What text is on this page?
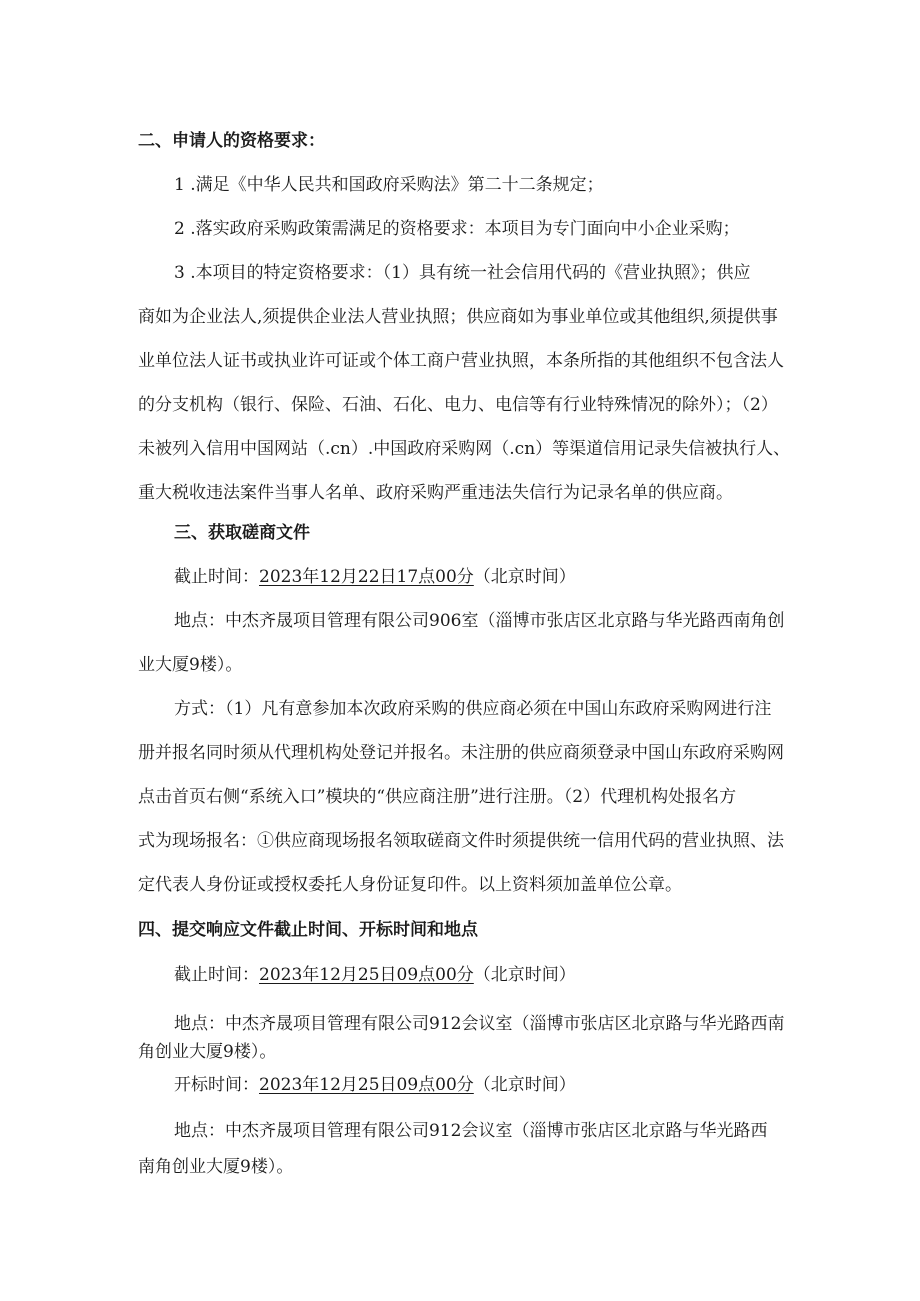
二、申请人的资格要求：
1 .满足《中华人民共和国政府采购法》第二十二条规定；
2 .落实政府采购政策需满足的资格要求：本项目为专门面向中小企业采购；
3 .本项目的特定资格要求：（1）具有统一社会信用代码的《营业执照》；供应
商如为企业法人,须提供企业法人营业执照；供应商如为事业单位或其他组织,须提供事
业单位法人证书或执业许可证或个体工商户营业执照，本条所指的其他组织不包含法人
的分支机构（银行、保险、石油、石化、电力、电信等有行业特殊情况的除外）；（2）
未被列入信用中国网站（.cn）.中国政府采购网（.cn）等渠道信用记录失信被执行人、
重大税收违法案件当事人名单、政府采购严重违法失信行为记录名单的供应商。
三、获取磋商文件
截止时间：2023年12月22日17点00分（北京时间）
地点：中杰齐晟项目管理有限公司906室（淄博市张店区北京路与华光路西南角创
业大厦9楼）。
方式：（1）凡有意参加本次政府采购的供应商必须在中国山东政府采购网进行注
册并报名同时须从代理机构处登记并报名。未注册的供应商须登录中国山东政府采购网
点击首页右侧“系统入口”模块的“供应商注册”进行注册。（2）代理机构处报名方
式为现场报名：①供应商现场报名领取磋商文件时须提供统一信用代码的营业执照、法
定代表人身份证或授权委托人身份证复印件。以上资料须加盖单位公章。
四、提交响应文件截止时间、开标时间和地点
截止时间：2023年12月25日09点00分（北京时间）
地点：中杰齐晟项目管理有限公司912会议室（淄博市张店区北京路与华光路西南
角创业大厦9楼）。
开标时间：2023年12月25日09点00分（北京时间）
地点：中杰齐晟项目管理有限公司912会议室（淄博市张店区北京路与华光路西
南角创业大厦9楼）。
